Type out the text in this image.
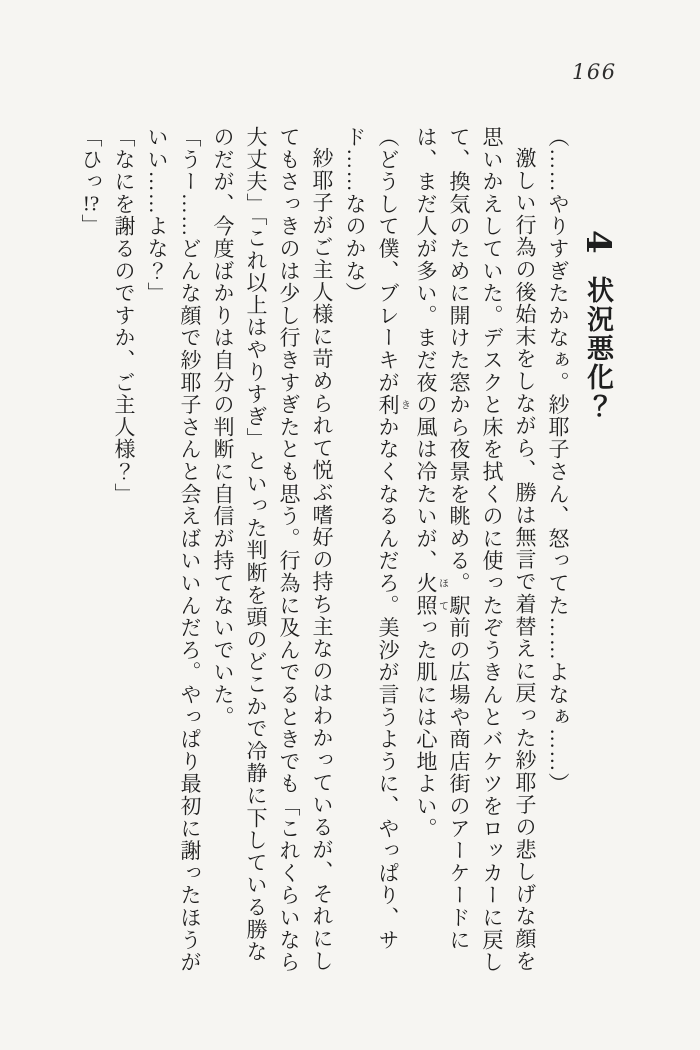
166
4 状況悪化？

（……やりすぎたかなぁ。紗耶子さん、怒ってた……よなぁ……）

激しい行為の後始末をしながら、勝は無言で着替えに戻った紗耶子の悲しげな顔を思いかえしていた。デスクと床を拭くのに使ったぞうきんとバケツをロッカーに戻して、換気のために開けた窓から夜景を眺める。駅前の広場や商店街のアーケードには、まだ人が多い。まだ夜の風は冷たいが、火照ほてった肌には心地よい。

（どうして僕、ブレーキが利きかなくなるんだろ。美沙が言うように、やっぱり、サド……なのかな）

紗耶子がご主人様に苛められて悦ぶ嗜好の持ち主なのはわかっているが、それにしてもさっきのは少し行きすぎたとも思う。行為に及んでるときでも「これくらいなら大丈夫」「これ以上はやりすぎ」といった判断を頭のどこかで冷静に下している勝なのだが、今度ばかりは自分の判断に自信が持てないでいた。

「うー……どんな顔で紗耶子さんと会えばいいんだろ。やっぱり最初に謝ったほうがいい……よな？」

「なにを謝るのですか、ご主人様？」

「ひっ!?」
